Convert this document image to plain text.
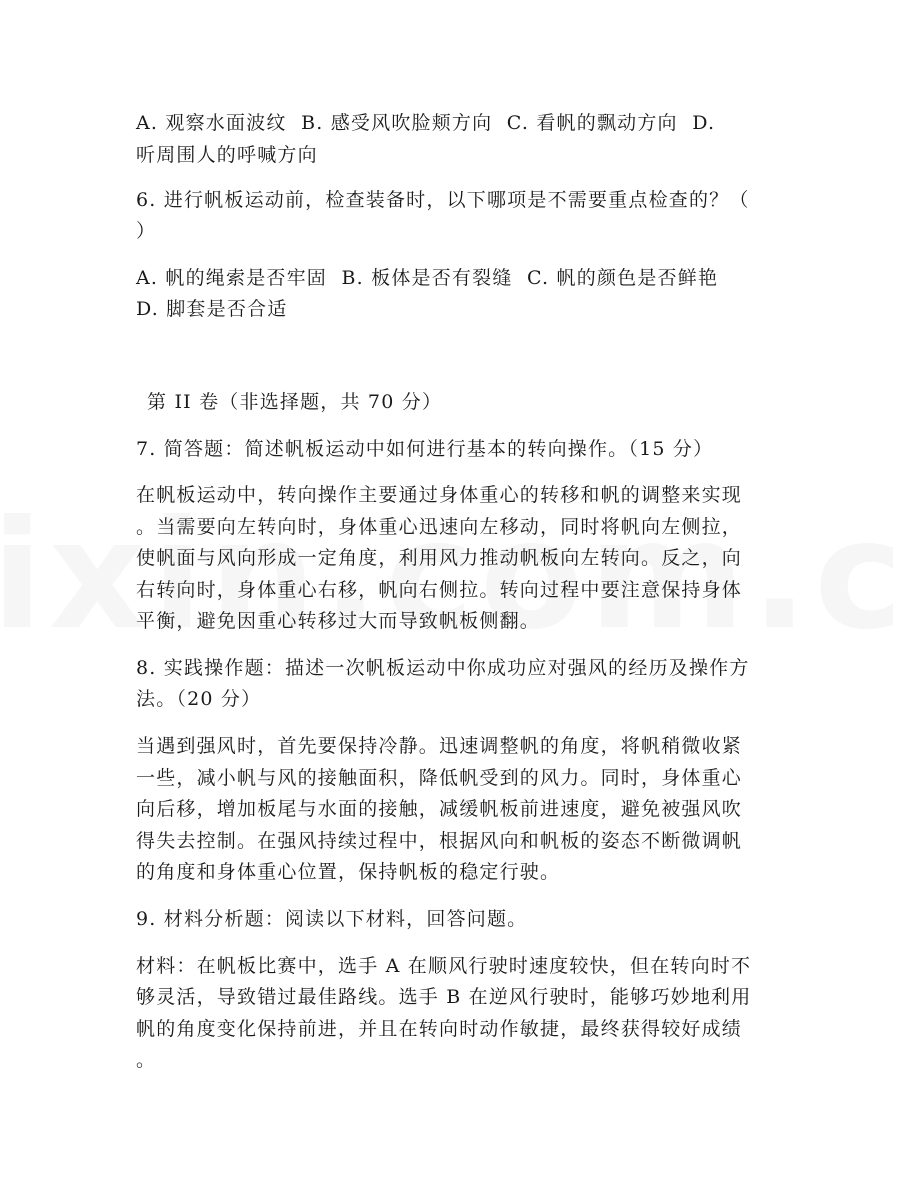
A. 观察水面波纹  B. 感受风吹脸颊方向  C. 看帆的飘动方向  D.
听周围人的呼喊方向
6. 进行帆板运动前，检查装备时，以下哪项是不需要重点检查的？（
）
A. 帆的绳索是否牢固  B. 板体是否有裂缝  C. 帆的颜色是否鲜艳
D. 脚套是否合适
第 II 卷（非选择题，共 70 分）
7. 简答题：简述帆板运动中如何进行基本的转向操作。（15 分）
在帆板运动中，转向操作主要通过身体重心的转移和帆的调整来实现
。当需要向左转向时，身体重心迅速向左移动，同时将帆向左侧拉，
使帆面与风向形成一定角度，利用风力推动帆板向左转向。反之，向
右转向时，身体重心右移，帆向右侧拉。转向过程中要注意保持身体
平衡，避免因重心转移过大而导致帆板侧翻。
8. 实践操作题：描述一次帆板运动中你成功应对强风的经历及操作方
法。（20 分）
当遇到强风时，首先要保持冷静。迅速调整帆的角度，将帆稍微收紧
一些，减小帆与风的接触面积，降低帆受到的风力。同时，身体重心
向后移，增加板尾与水面的接触，减缓帆板前进速度，避免被强风吹
得失去控制。在强风持续过程中，根据风向和帆板的姿态不断微调帆
的角度和身体重心位置，保持帆板的稳定行驶。
9. 材料分析题：阅读以下材料，回答问题。
材料：在帆板比赛中，选手 A 在顺风行驶时速度较快，但在转向时不
够灵活，导致错过最佳路线。选手 B 在逆风行驶时，能够巧妙地利用
帆的角度变化保持前进，并且在转向时动作敏捷，最终获得较好成绩
。
